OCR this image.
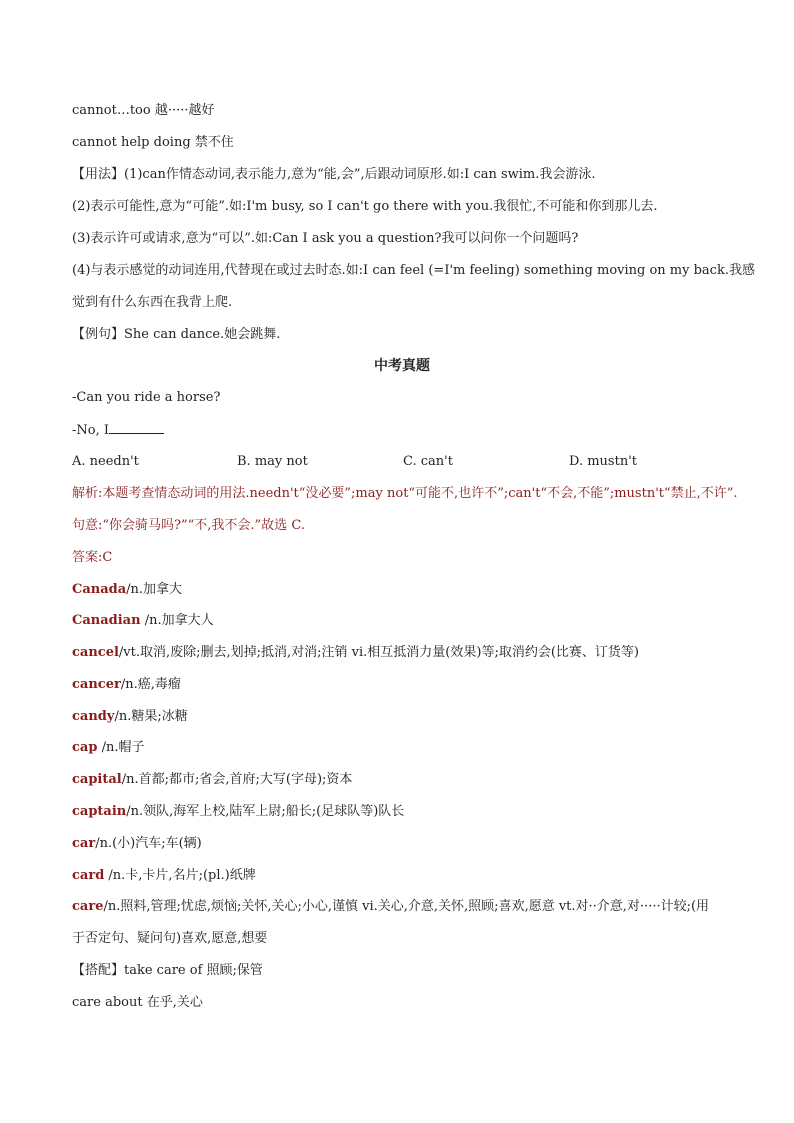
cannot…too 越·····越好
cannot help doing 禁不住
【用法】(1)can作情态动词,表示能力,意为“能,会”,后跟动词原形.如:I can swim.我会游泳.
(2)表示可能性,意为“可能”.如:I'm busy, so I can't go there with you.我很忙,不可能和你到那儿去.
(3)表示许可或请求,意为“可以”.如:Can I ask you a question?我可以问你一个问题吗?
(4)与表示感觉的动词连用,代替现在或过去时态.如:I can feel (=I'm feeling) something moving on my back.我感
觉到有什么东西在我背上爬.
【例句】She can dance.她会跳舞.
中考真题
-Can you ride a horse?
-No, I
A. needn't	B. may not	C. can't	D. mustn't
解析:本题考查情态动词的用法.needn't“没必要”;may not“可能不,也许不”;can't“不会,不能”;mustn't“禁止,不许”.
句意:“你会骑马吗?”“不,我不会.”故选 C.
答案:C
Canada/n.加拿大
Canadian /n.加拿大人
cancel/vt.取消,废除;删去,划掉;抵消,对消;注销 vi.相互抵消力量(效果)等;取消约会(比赛、订货等)
cancer/n.癌,毒瘤
candy/n.糖果;冰糖
cap /n.帽子
capital/n.首都;都市;省会,首府;大写(字母);资本
captain/n.领队,海军上校,陆军上尉;船长;(足球队等)队长
car/n.(小)汽车;车(辆)
card /n.卡,卡片,名片;(pl.)纸牌
care/n.照料,管理;忧虑,烦恼;关怀,关心;小心,谨慎 vi.关心,介意,关怀,照顾;喜欢,愿意 vt.对··介意,对·····计较;(用
于否定句、疑问句)喜欢,愿意,想要
【搭配】take care of 照顾;保管
care about 在乎,关心
